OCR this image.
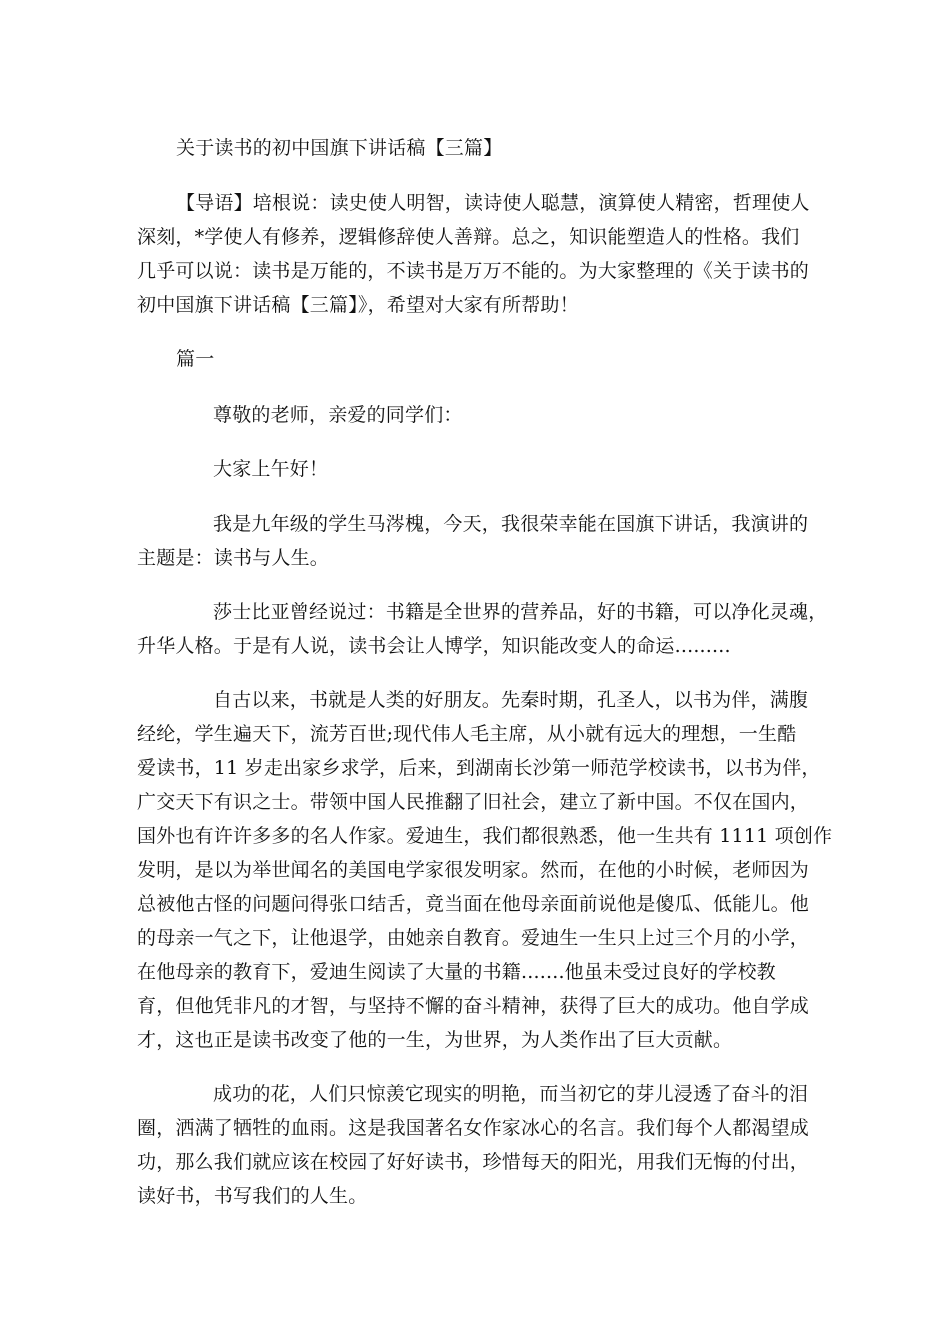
关于读书的初中国旗下讲话稿【三篇】
【导语】培根说：读史使人明智，读诗使人聪慧，演算使人精密，哲理使人
深刻，*学使人有修养，逻辑修辞使人善辩。总之，知识能塑造人的性格。我们
几乎可以说：读书是万能的，不读书是万万不能的。为大家整理的《关于读书的
初中国旗下讲话稿【三篇】》，希望对大家有所帮助！
篇一
尊敬的老师，亲爱的同学们：
大家上午好！
我是九年级的学生马涔槐，今天，我很荣幸能在国旗下讲话，我演讲的
主题是：读书与人生。
莎士比亚曾经说过：书籍是全世界的营养品，好的书籍，可以净化灵魂，
升华人格。于是有人说，读书会让人博学，知识能改变人的命运.........
自古以来，书就是人类的好朋友。先秦时期，孔圣人，以书为伴，满腹
经纶，学生遍天下，流芳百世;现代伟人毛主席，从小就有远大的理想，一生酷
爱读书，11 岁走出家乡求学，后来，到湖南长沙第一师范学校读书，以书为伴，
广交天下有识之士。带领中国人民推翻了旧社会，建立了新中国。不仅在国内，
国外也有许许多多的名人作家。爱迪生，我们都很熟悉，他一生共有 1111 项创作
发明，是以为举世闻名的美国电学家很发明家。然而，在他的小时候，老师因为
总被他古怪的问题问得张口结舌，竟当面在他母亲面前说他是傻瓜、低能儿。他
的母亲一气之下，让他退学，由她亲自教育。爱迪生一生只上过三个月的小学，
在他母亲的教育下，爱迪生阅读了大量的书籍.......他虽未受过良好的学校教
育，但他凭非凡的才智，与坚持不懈的奋斗精神，获得了巨大的成功。他自学成
才，这也正是读书改变了他的一生，为世界，为人类作出了巨大贡献。
成功的花，人们只惊羡它现实的明艳，而当初它的芽儿浸透了奋斗的泪
圈，洒满了牺牲的血雨。这是我国著名女作家冰心的名言。我们每个人都渴望成
功，那么我们就应该在校园了好好读书，珍惜每天的阳光，用我们无悔的付出，
读好书，书写我们的人生。
